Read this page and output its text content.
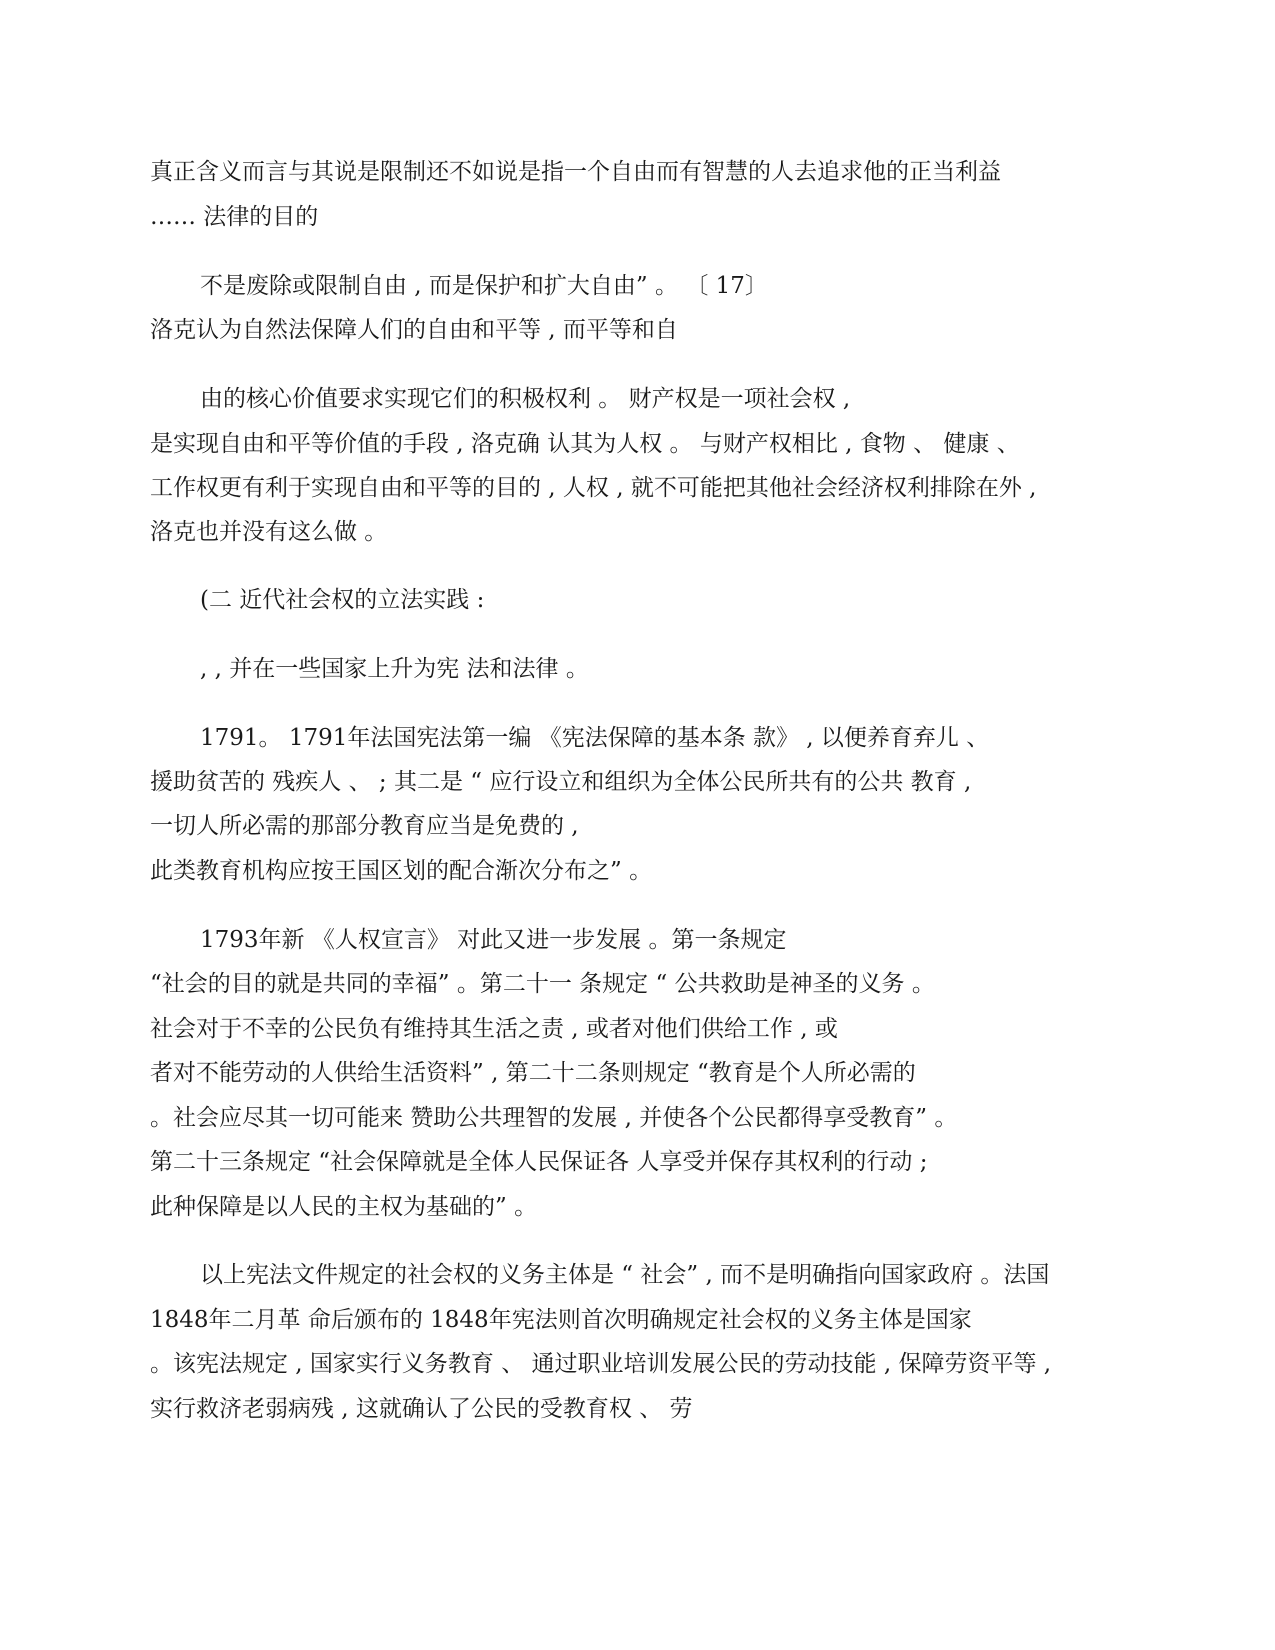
真正含义而言与其说是限制还不如说是指一个自由而有智慧的人去追求他的正当利益
…… 法律的目的
不是废除或限制自由 , 而是保护和扩大自由” 。 〔 17〕
洛克认为自然法保障人们的自由和平等 , 而平等和自
由的核心价值要求实现它们的积极权利 。 财产权是一项社会权 ,
是实现自由和平等价值的手段 , 洛克确 认其为人权 。 与财产权相比 , 食物 、 健康 、
工作权更有利于实现自由和平等的目的 , 人权 , 就不可能把其他社会经济权利排除在外 ,
洛克也并没有这么做 。
(二 近代社会权的立法实践 :
, , 并在一些国家上升为宪 法和法律 。
1791。 1791年法国宪法第一编 《宪法保障的基本条 款》 , 以便养育弃儿 、
援助贫苦的 残疾人 、 ; 其二是 “ 应行设立和组织为全体公民所共有的公共 教育 ,
一切人所必需的那部分教育应当是免费的 ,
此类教育机构应按王国区划的配合渐次分布之” 。
1793年新 《人权宣言》 对此又进一步发展 。第一条规定
“社会的目的就是共同的幸福” 。第二十一 条规定 “ 公共救助是神圣的义务 。
社会对于不幸的公民负有维持其生活之责 , 或者对他们供给工作 , 或
者对不能劳动的人供给生活资料” , 第二十二条则规定 “教育是个人所必需的
。社会应尽其一切可能来 赞助公共理智的发展 , 并使各个公民都得享受教育” 。
第二十三条规定 “社会保障就是全体人民保证各 人享受并保存其权利的行动 ;
此种保障是以人民的主权为基础的” 。
以上宪法文件规定的社会权的义务主体是 “ 社会” , 而不是明确指向国家政府 。法国
1848年二月革 命后颁布的 1848年宪法则首次明确规定社会权的义务主体是国家
。该宪法规定 , 国家实行义务教育 、 通过职业培训发展公民的劳动技能 , 保障劳资平等 ,
实行救济老弱病残 , 这就确认了公民的受教育权 、 劳
